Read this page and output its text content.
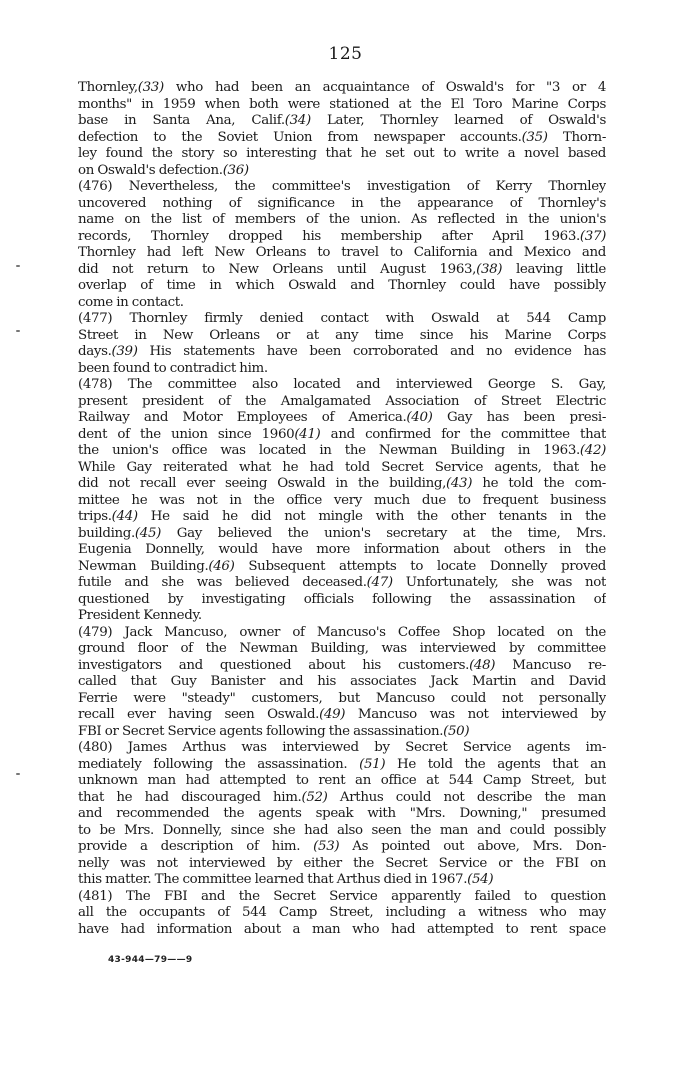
125
Thornley,(33) who had been an acquaintance of Oswald's for "3 or 4
months" in 1959 when both were stationed at the El Toro Marine Corps
base in Santa Ana, Calif.(34) Later, Thornley learned of Oswald's
defection to the Soviet Union from newspaper accounts.(35) Thorn-
ley found the story so interesting that he set out to write a novel based
on Oswald's defection.(36)
(476) Nevertheless, the committee's investigation of Kerry Thornley
uncovered nothing of significance in the appearance of Thornley's
name on the list of members of the union. As reflected in the union's
records, Thornley dropped his membership after April 1963.(37)
Thornley had left New Orleans to travel to California and Mexico and
did not return to New Orleans until August 1963,(38) leaving little
overlap of time in which Oswald and Thornley could have possibly
come in contact.
(477) Thornley firmly denied contact with Oswald at 544 Camp
Street in New Orleans or at any time since his Marine Corps
days.(39) His statements have been corroborated and no evidence has
been found to contradict him.
(478) The committee also located and interviewed George S. Gay,
present president of the Amalgamated Association of Street Electric
Railway and Motor Employees of America.(40) Gay has been presi-
dent of the union since 1960(41) and confirmed for the committee that
the union's office was located in the Newman Building in 1963.(42)
While Gay reiterated what he had told Secret Service agents, that he
did not recall ever seeing Oswald in the building,(43) he told the com-
mittee he was not in the office very much due to frequent business
trips.(44) He said he did not mingle with the other tenants in the
building.(45) Gay believed the union's secretary at the time, Mrs.
Eugenia Donnelly, would have more information about others in the
Newman Building.(46) Subsequent attempts to locate Donnelly proved
futile and she was believed deceased.(47) Unfortunately, she was not
questioned by investigating officials following the assassination of
President Kennedy.
(479) Jack Mancuso, owner of Mancuso's Coffee Shop located on the
ground floor of the Newman Building, was interviewed by committee
investigators and questioned about his customers.(48) Mancuso re-
called that Guy Banister and his associates Jack Martin and David
Ferrie were "steady" customers, but Mancuso could not personally
recall ever having seen Oswald.(49) Mancuso was not interviewed by
FBI or Secret Service agents following the assassination.(50)
(480) James Arthus was interviewed by Secret Service agents im-
mediately following the assassination. (51) He told the agents that an
unknown man had attempted to rent an office at 544 Camp Street, but
that he had discouraged him.(52) Arthus could not describe the man
and recommended the agents speak with "Mrs. Downing," presumed
to be Mrs. Donnelly, since she had also seen the man and could possibly
provide a description of him. (53) As pointed out above, Mrs. Don-
nelly was not interviewed by either the Secret Service or the FBI on
this matter. The committee learned that Arthus died in 1967.(54)
(481) The FBI and the Secret Service apparently failed to question
all the occupants of 544 Camp Street, including a witness who may
have had information about a man who had attempted to rent space
43-944—79——9
